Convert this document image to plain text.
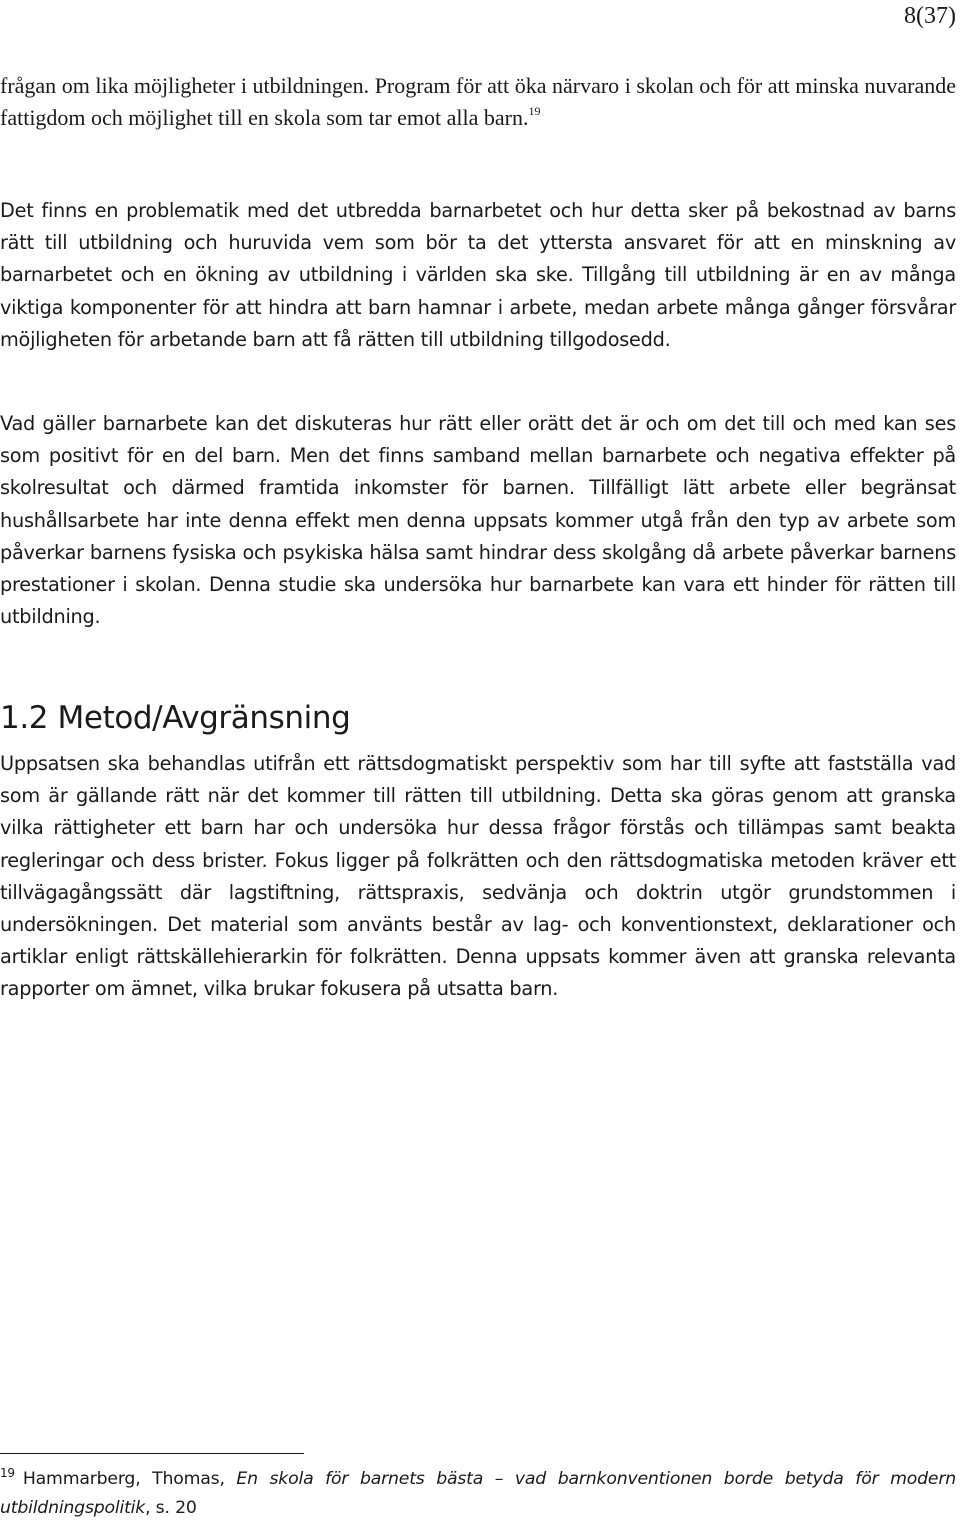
8(37)

frågan om lika möjligheter i utbildningen. Program för att öka närvaro i skolan och för att minska nuvarande fattigdom och möjlighet till en skola som tar emot alla barn.$^{19}$

Det finns en problematik med det utbredda barnarbetet och hur detta sker på bekostnad av barns rätt till utbildning och huruvida vem som bör ta det yttersta ansvaret för att en minskning av barnarbetet och en ökning av utbildning i världen ska ske. Tillgång till utbildning är en av många viktiga komponenter för att hindra att barn hamnar i arbete, medan arbete många gånger försvårar möjligheten för arbetande barn att få rätten till utbildning tillgodosedd.

Vad gäller barnarbete kan det diskuteras hur rätt eller orätt det är och om det till och med kan ses som positivt för en del barn. Men det finns samband mellan barnarbete och negativa effekter på skolresultat och därmed framtida inkomster för barnen. Tillfälligt lätt arbete eller begränsat hushållsarbete har inte denna effekt men denna uppsats kommer utgå från den typ av arbete som påverkar barnens fysiska och psykiska hälsa samt hindrar dess skolgång då arbete påverkar barnens prestationer i skolan. Denna studie ska undersöka hur barnarbete kan vara ett hinder för rätten till utbildning.

1.2 Metod/Avgränsning

Uppsatsen ska behandlas utifrån ett rättsdogmatiskt perspektiv som har till syfte att fastställa vad som är gällande rätt när det kommer till rätten till utbildning. Detta ska göras genom att granska vilka rättigheter ett barn har och undersöka hur dessa frågor förstås och tillämpas samt beakta regleringar och dess brister. Fokus ligger på folkrätten och den rättsdogmatiska metoden kräver ett tillvägagångssätt där lagstiftning, rättspraxis, sedvänja och doktrin utgör grundstommen i undersökningen. Det material som använts består av lag- och konventionstext, deklarationer och artiklar enligt rättskällehierarkin för folkrätten. Denna uppsats kommer även att granska relevanta rapporter om ämnet, vilka brukar fokusera på utsatta barn.

$^{19}$ Hammarberg, Thomas, En skola för barnets bästa – vad barnkonventionen borde betyda för modern utbildningspolitik, s. 20
